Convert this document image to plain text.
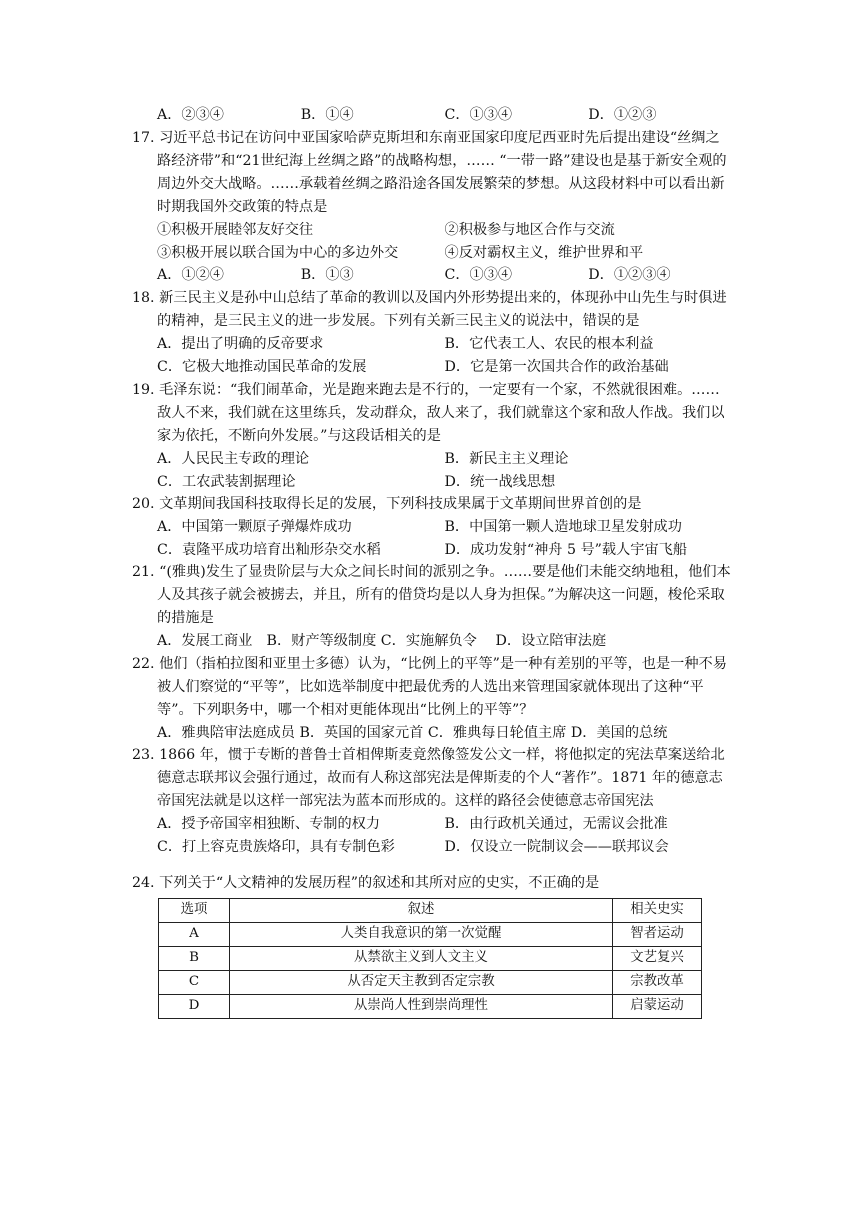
A．②③④	B．①④	C．①③④	D．①②③

17. 习近平总书记在访问中亚国家哈萨克斯坦和东南亚国家印度尼西亚时先后提出建设“丝绸之路经济带”和“21世纪海上丝绸之路”的战略构想，…… “一带一路”建设也是基于新安全观的周边外交大战略。……承载着丝绸之路沿途各国发展繁荣的梦想。从这段材料中可以看出新时期我国外交政策的特点是

①积极开展睦邻友好交往	②积极参与地区合作与交流
③积极开展以联合国为中心的多边外交	④反对霸权主义，维护世界和平
A．①②④	B．①③	C．①③④	D．①②③④

18. 新三民主义是孙中山总结了革命的教训以及国内外形势提出来的，体现孙中山先生与时俱进的精神，是三民主义的进一步发展。下列有关新三民主义的说法中，错误的是

A．提出了明确的反帝要求	B．它代表工人、农民的根本利益
C．它极大地推动国民革命的发展	D．它是第一次国共合作的政治基础

19. 毛泽东说：“我们闹革命，光是跑来跑去是不行的，一定要有一个家，不然就很困难。……敌人不来，我们就在这里练兵，发动群众，敌人来了，我们就靠这个家和敌人作战。我们以家为依托，不断向外发展。”与这段话相关的是

A．人民民主专政的理论	B．新民主主义理论
C．工农武装割据理论	D．统一战线思想

20. 文革期间我国科技取得长足的发展，下列科技成果属于文革期间世界首创的是

A．中国第一颗原子弹爆炸成功	B．中国第一颗人造地球卫星发射成功
C．袁隆平成功培育出籼形杂交水稻	D．成功发射“神舟 5 号”载人宇宙飞船

21. “(雅典)发生了显贵阶层与大众之间长时间的派别之争。……要是他们未能交纳地租，他们本人及其孩子就会被掳去，并且，所有的借贷均是以人身为担保。”为解决这一问题，梭伦采取的措施是

A．发展工商业　B．财产等级制度 C．实施解负令　 D．设立陪审法庭

22. 他们（指柏拉图和亚里士多德）认为，“比例上的平等”是一种有差别的平等，也是一种不易被人们察觉的“平等”，比如选举制度中把最优秀的人选出来管理国家就体现出了这种“平等”。下列职务中，哪一个相对更能体现出“比例上的平等”？

A．雅典陪审法庭成员 B．英国的国家元首 C．雅典每日轮值主席 D．美国的总统

23. 1866 年，惯于专断的普鲁士首相俾斯麦竟然像签发公文一样，将他拟定的宪法草案送给北德意志联邦议会强行通过，故而有人称这部宪法是俾斯麦的个人“著作”。1871 年的德意志帝国宪法就是以这样一部宪法为蓝本而形成的。这样的路径会使德意志帝国宪法

A．授予帝国宰相独断、专制的权力	B．由行政机关通过，无需议会批准
C．打上容克贵族烙印，具有专制色彩	D．仅设立一院制议会——联邦议会

24. 下列关于“人文精神的发展历程”的叙述和其所对应的史实，不正确的是

选项	叙述	相关史实
A	人类自我意识的第一次觉醒	智者运动
B	从禁欲主义到人文主义	文艺复兴
C	从否定天主教到否定宗教	宗教改革
D	从崇尚人性到崇尚理性	启蒙运动
